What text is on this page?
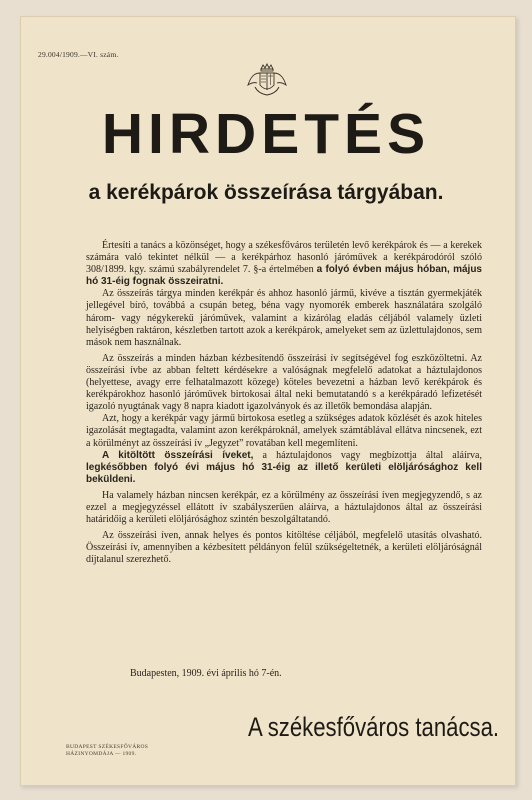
29.004/1909.—VI. szám.
HIRDETÉS
a kerékpárok összeírása tárgyában.

Értesíti a tanács a közönséget, hogy a székesfőváros területén levő kerékpárok és — a kerekek számára való tekintet nélkül — a kerékpárhoz hasonló járóművek a kerékpárodóról szóló 308/1899. kgy. számú szabályrendelet 7. §-a értelmében a folyó évben május hóban, május hó 31-éig fognak összeiratni.

Az összeírás tárgya minden kerékpár és ahhoz hasonló jármű, kivéve a tisztán gyermekjáték jellegével bíró, továbbá a csupán beteg, béna vagy nyomorék emberek használatára szolgáló három- vagy négykerekű járóművek, valamint a kizárólag eladás céljából valamely üzleti helyiségben raktáron, készletben tartott azok a kerékpárok, amelyeket sem az üzlettulajdonos, sem mások nem használnak.

Az összeírás a minden házban kézbesítendő összeírási ív segítségével fog eszközöltetni. Az összeírási ívbe az abban feltett kérdésekre a valóságnak megfelelő adatokat a háztulajdonos (helyettese, avagy erre felhatalmazott közege) köteles bevezetni a házban levő kerékpárok és kerékpárokhoz hasonló járóművek birtokosai által neki bemutatandó s a kerékpáradó lefizetését igazoló nyugtának vagy 8 napra kiadott igazolványok és az illetők bemondása alapján.

Azt, hogy a kerékpár vagy jármű birtokosa esetleg a szükséges adatok közlését és azok hiteles igazolását megtagadta, valamint azon kerékpároknál, amelyek számtáblával ellátva nincsenek, ezt a körülményt az összeírási ív „Jegyzet” rovatában kell megemlíteni.

A kitöltött összeírási íveket, a háztulajdonos vagy megbízottja által aláírva, legkésőbben folyó évi május hó 31-éig az illető kerületi elöljárósághoz kell beküldeni.

Ha valamely házban nincsen kerékpár, ez a körülmény az összeírási íven megjegyzendő, s az ezzel a megjegyzéssel ellátott ív szabályszerűen aláírva, a háztulajdonos által az összeírási határidőig a kerületi elöljárósághoz szintén beszolgáltatandó.

Az összeírási íven, annak helyes és pontos kitöltése céljából, megfelelő utasítás olvasható. Összeírási ív, amennyiben a kézbesített példányon felül szükségeltetnék, a kerületi elöljáróságnál díjtalanul szerezhető.

Budapesten, 1909. évi április hó 7-én.
A székesfőváros tanácsa.
BUDAPEST SZÉKESFŐVÁROS
HÁZINYOMDÁJA — 1909.
